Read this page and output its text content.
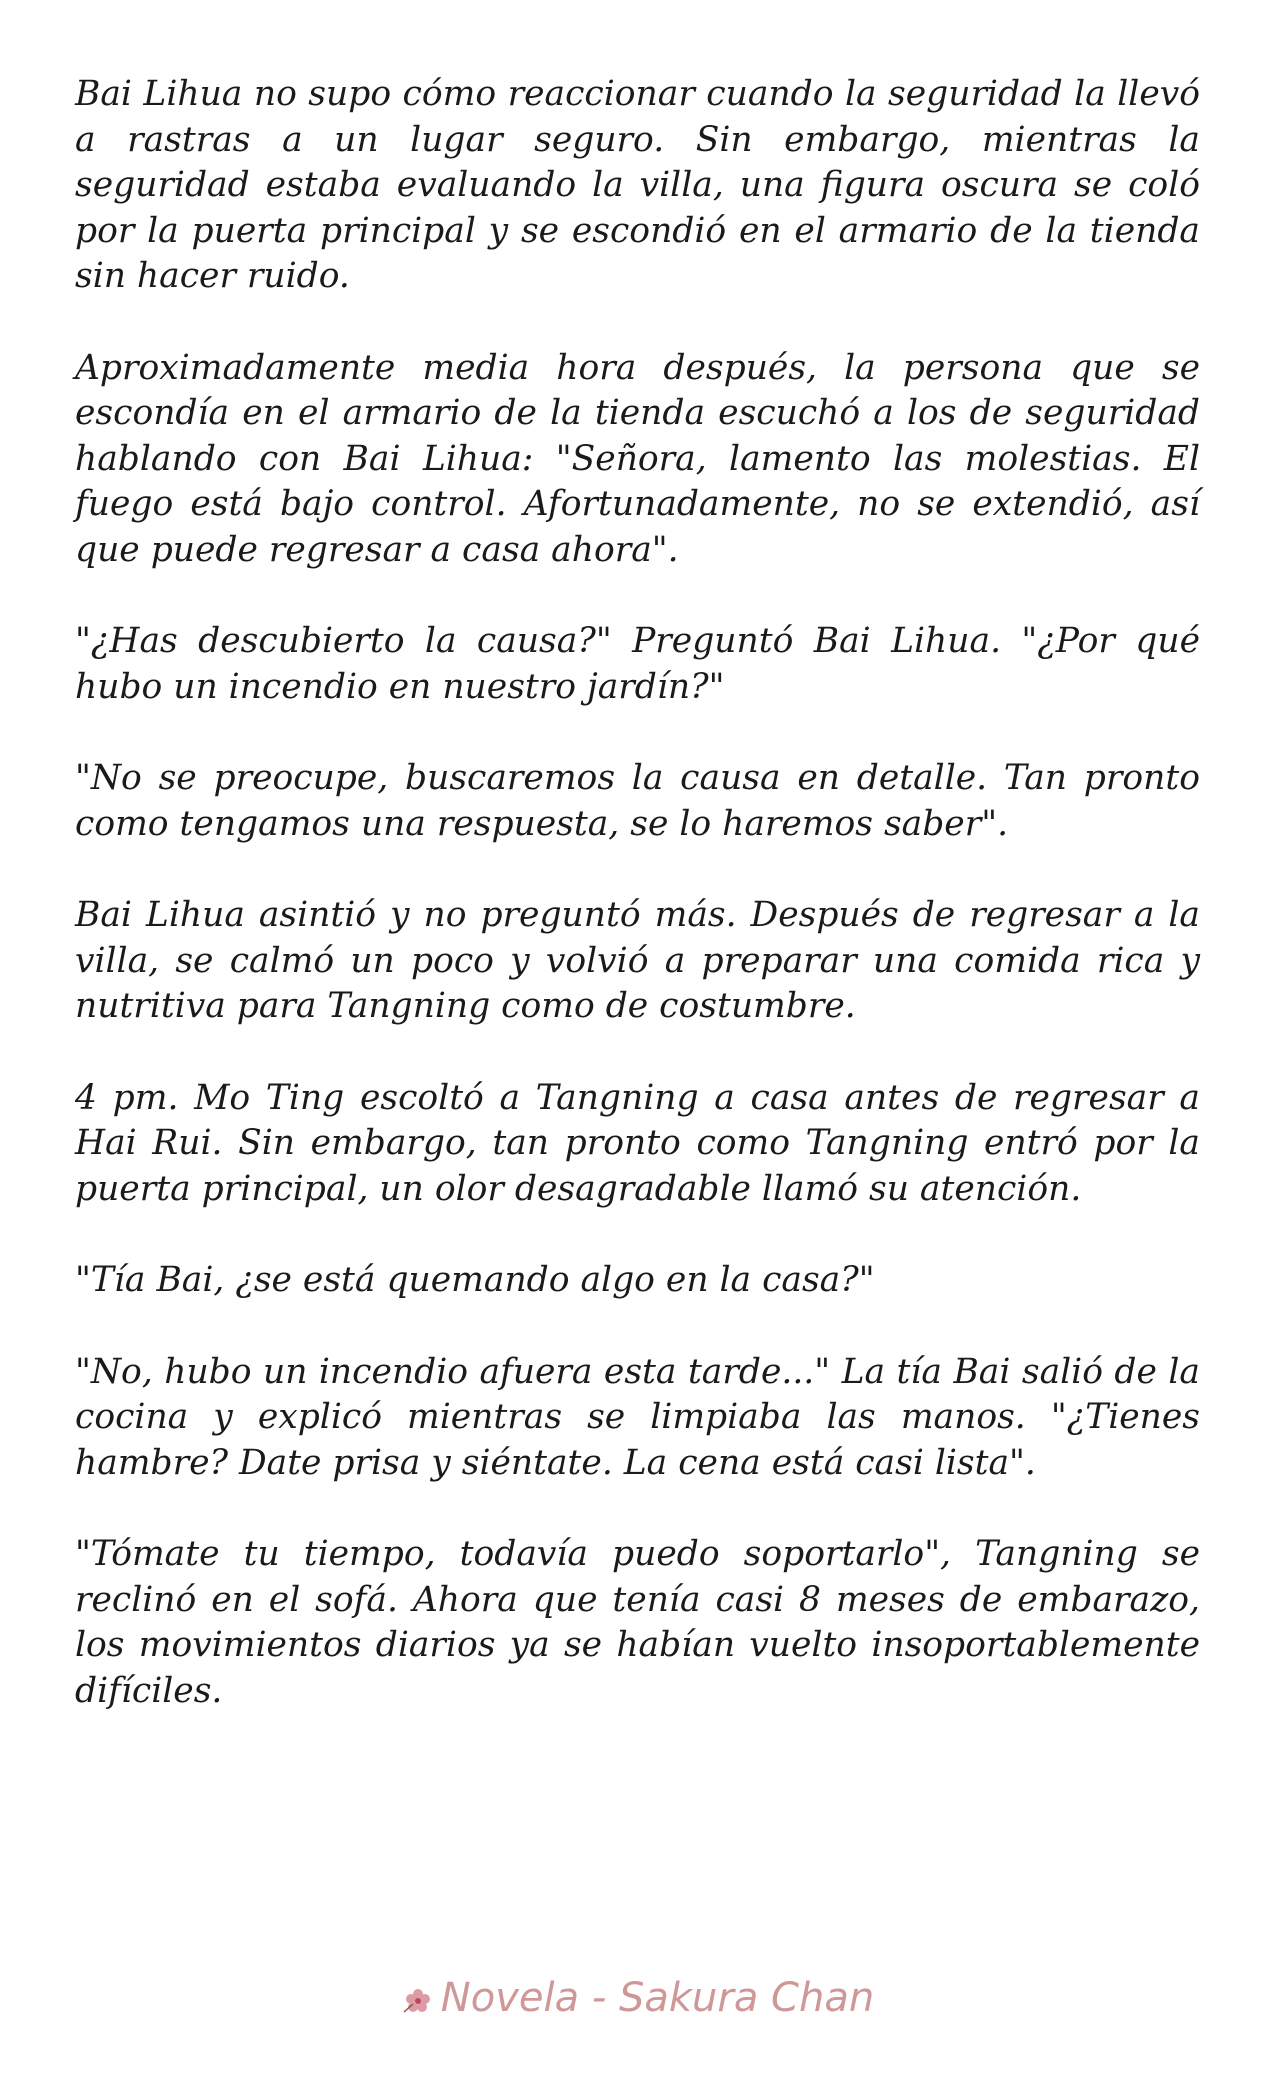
Bai Lihua no supo cómo reaccionar cuando la seguridad la llevó a rastras a un lugar seguro. Sin embargo, mientras la seguridad estaba evaluando la villa, una figura oscura se coló por la puerta principal y se escondió en el armario de la tienda sin hacer ruido.

Aproximadamente media hora después, la persona que se escondía en el armario de la tienda escuchó a los de seguridad hablando con Bai Lihua: "Señora, lamento las molestias. El fuego está bajo control. Afortunadamente, no se extendió, así que puede regresar a casa ahora".

"¿Has descubierto la causa?" Preguntó Bai Lihua. "¿Por qué hubo un incendio en nuestro jardín?"

"No se preocupe, buscaremos la causa en detalle. Tan pronto como tengamos una respuesta, se lo haremos saber".

Bai Lihua asintió y no preguntó más. Después de regresar a la villa, se calmó un poco y volvió a preparar una comida rica y nutritiva para Tangning como de costumbre.

4 pm. Mo Ting escoltó a Tangning a casa antes de regresar a Hai Rui. Sin embargo, tan pronto como Tangning entró por la puerta principal, un olor desagradable llamó su atención.

"Tía Bai, ¿se está quemando algo en la casa?"

"No, hubo un incendio afuera esta tarde..." La tía Bai salió de la cocina y explicó mientras se limpiaba las manos. "¿Tienes hambre? Date prisa y siéntate. La cena está casi lista".

"Tómate tu tiempo, todavía puedo soportarlo", Tangning se reclinó en el sofá. Ahora que tenía casi 8 meses de embarazo, los movimientos diarios ya se habían vuelto insoportablemente difíciles.

Novela - Sakura Chan
